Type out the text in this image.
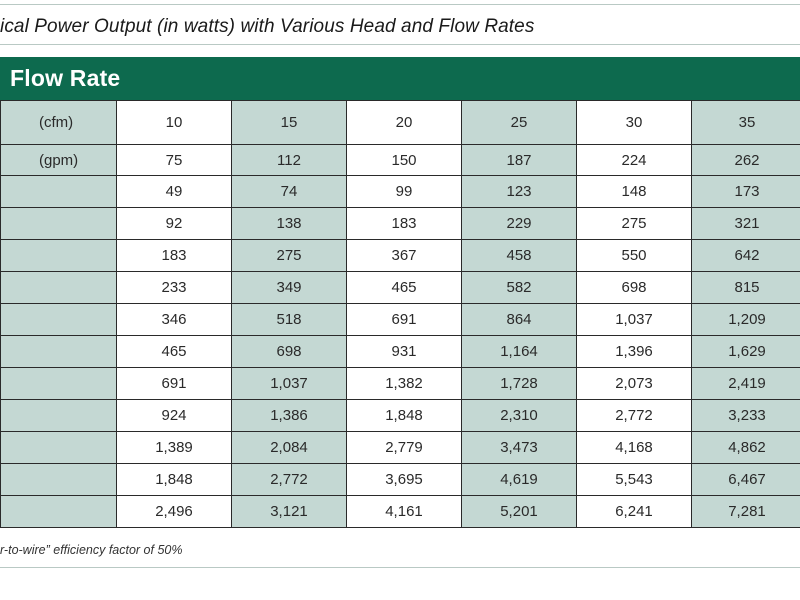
ical Power Output (in watts) with Various Head and Flow Rates
Flow Rate
(cfm)	10	15	20	25	30	35
(gpm)	75	112	150	187	224	262
	49	74	99	123	148	173
	92	138	183	229	275	321
	183	275	367	458	550	642
	233	349	465	582	698	815
	346	518	691	864	1,037	1,209
	465	698	931	1,164	1,396	1,629
	691	1,037	1,382	1,728	2,073	2,419
	924	1,386	1,848	2,310	2,772	3,233
	1,389	2,084	2,779	3,473	4,168	4,862
	1,848	2,772	3,695	4,619	5,543	6,467
	2,496	3,121	4,161	5,201	6,241	7,281
r-to-wire” efficiency factor of 50%
